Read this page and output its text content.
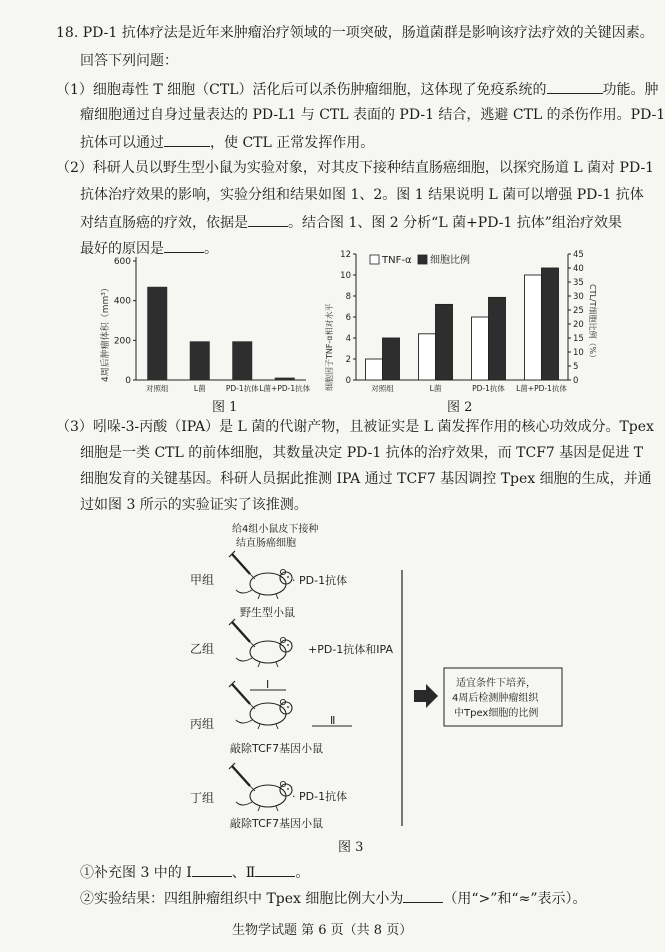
18. PD-1 抗体疗法是近年来肿瘤治疗领域的一项突破，肠道菌群是影响该疗法疗效的关键因素。
回答下列问题：
（1）细胞毒性 T 细胞（CTL）活化后可以杀伤肿瘤细胞，这体现了免疫系统的	功能。肿
瘤细胞通过自身过量表达的 PD-L1 与 CTL 表面的 PD-1 结合，逃避 CTL 的杀伤作用。PD-1
抗体可以通过	，使 CTL 正常发挥作用。
（2）科研人员以野生型小鼠为实验对象，对其皮下接种结直肠癌细胞，以探究肠道 L 菌对 PD-1
抗体治疗效果的影响，实验分组和结果如图 1、2。图 1 结果说明 L 菌可以增强 PD-1 抗体
对结直肠癌的疗效，依据是	。结合图 1、图 2 分析“L 菌+PD-1 抗体”组治疗效果
最好的原因是	。
4周后肿瘤体积（mm³） 0
200
400
600
对照组	L菌	PD-1抗体 L菌+PD-1抗体
图 1
细胞因子TNF-α相对水平	CTL/T细胞比例（%）
TNF-α 细胞比例
0
2
4
6
8
10
12
0
5
10
15
20
25
30
35
40
45
对照组	L菌	PD-1抗体 L菌+PD-1抗体
图 2
（3）吲哚-3-丙酸（IPA）是 L 菌的代谢产物，且被证实是 L 菌发挥作用的核心功效成分。Tpex
细胞是一类 CTL 的前体细胞，其数量决定 PD-1 抗体的治疗效果，而 TCF7 基因是促进 T
细胞发育的关键基因。科研人员据此推测 IPA 通过 TCF7 基因调控 Tpex 细胞的生成，并通
过如图 3 所示的实验证实了该推测。
给4组小鼠皮下接种
结直肠癌细胞
甲组	· PD-1抗体
野生型小鼠
乙组	+PD-1抗体和IPA
Ⅰ
丙组	Ⅱ
敲除TCF7基因小鼠
丁组	· PD-1抗体
敲除TCF7基因小鼠
适宜条件下培养，
4周后检测肿瘤组织
中Tpex细胞的比例
图 3
①补充图 3 中的 Ⅰ	、Ⅱ	。
②实验结果：四组肿瘤组织中 Tpex 细胞比例大小为	（用“>”和“≈”表示）。
生物学试题 第 6 页（共 8 页）
